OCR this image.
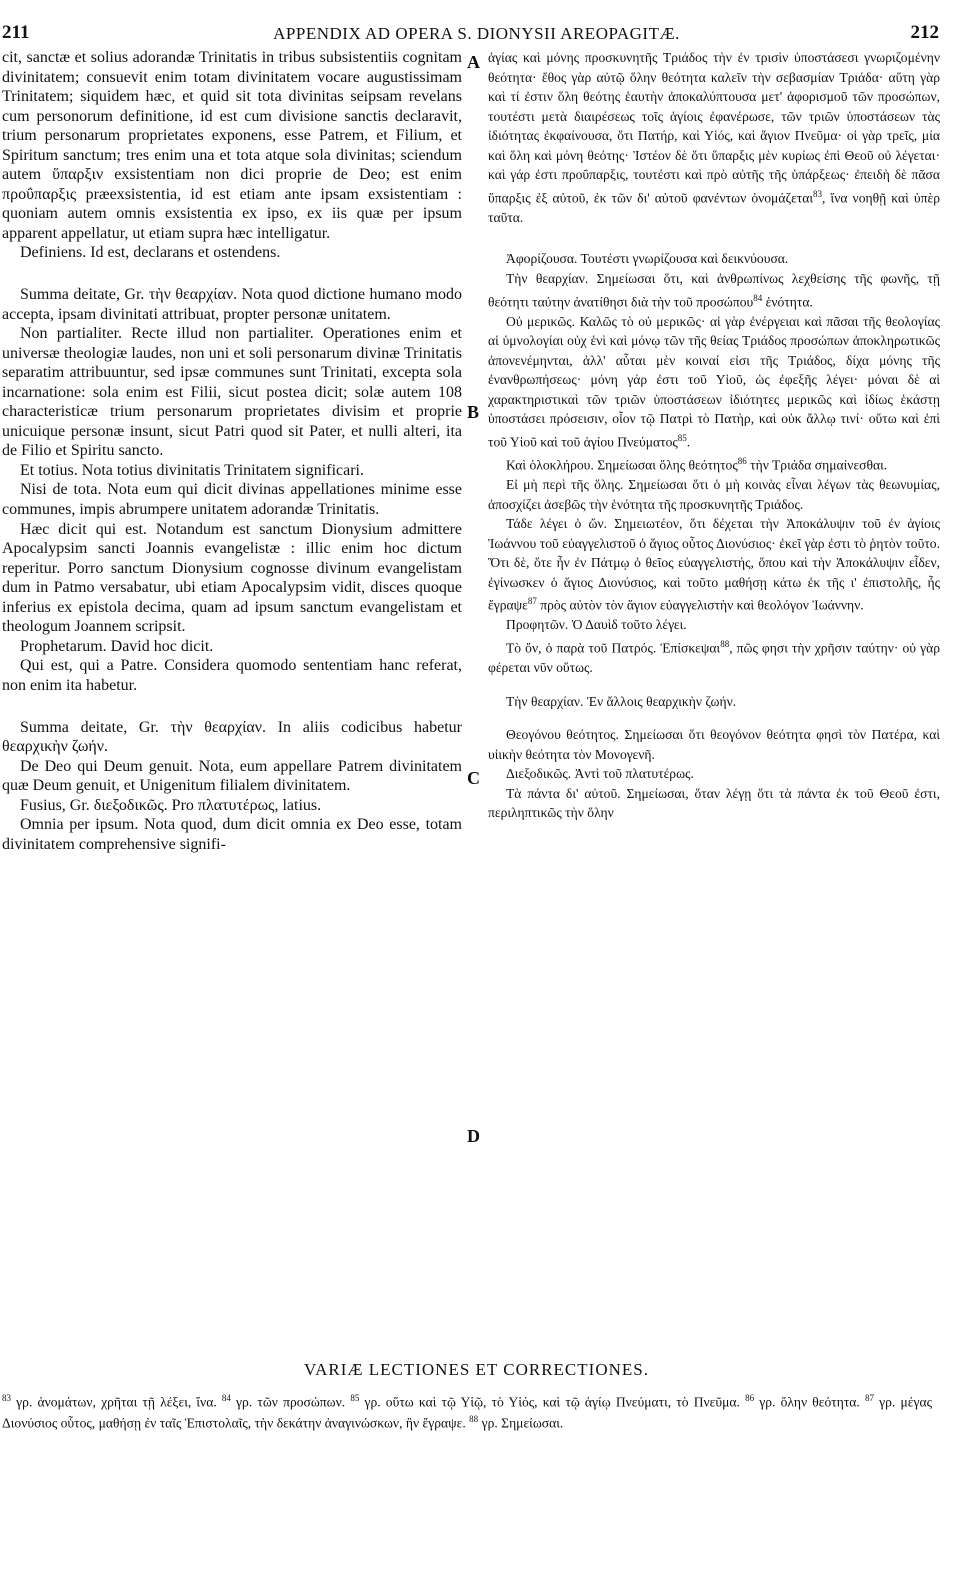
211	APPENDIX AD OPERA S. DIONYSII AREOPAGITÆ.	212
A
B
C
D

cit, sanctæ et solius adorandæ Trinitatis in tribus subsistentiis cognitam divinitatem; consuevit enim totam divinitatem vocare augustissimam Trinitatem; siquidem hæc, et quid sit tota divinitas seipsam revelans cum personorum definitione, id est cum divisione sanctis declaravit, trium personarum proprietates exponens, esse Patrem, et Filium, et Spiritum sanctum; tres enim una et tota atque sola divinitas; sciendum autem ὕπαρξιν exsistentiam non dici proprie de Deo; est enim προΰπαρξις præexsistentia, id est etiam ante ipsam exsistentiam : quoniam autem omnis exsistentia ex ipso, ex iis quæ per ipsum apparent appellatur, ut etiam supra hæc intelligatur.

Definiens. Id est, declarans et ostendens.

Summa deitate, Gr. τὴν θεαρχίαν. Nota quod dictione humano modo accepta, ipsam divinitati attribuat, propter personæ unitatem.

Non partialiter. Recte illud non partialiter. Operationes enim et universæ theologiæ laudes, non uni et soli personarum divinæ Trinitatis separatim attribuuntur, sed ipsæ communes sunt Trinitati, excepta sola incarnatione: sola enim est Filii, sicut postea dicit; solæ autem 108 characteristicæ trium personarum proprietates divisim et proprie unicuique personæ insunt, sicut Patri quod sit Pater, et nulli alteri, ita de Filio et Spiritu sancto.

Et totius. Nota totius divinitatis Trinitatem significari.

Nisi de tota. Nota eum qui dicit divinas appellationes minime esse communes, impis abrumpere unitatem adorandæ Trinitatis.

Hæc dicit qui est. Notandum est sanctum Dionysium admittere Apocalypsim sancti Joannis evangelistæ : illic enim hoc dictum reperitur. Porro sanctum Dionysium cognosse divinum evangelistam dum in Patmo versabatur, ubi etiam Apocalypsim vidit, disces quoque inferius ex epistola decima, quam ad ipsum sanctum evangelistam et theologum Joannem scripsit.

Prophetarum. David hoc dicit.

Qui est, qui a Patre. Considera quomodo sententiam hanc referat, non enim ita habetur.

Summa deitate, Gr. τὴν θεαρχίαν. In aliis codicibus habetur θεαρχικὴν ζωήν.

De Deo qui Deum genuit. Nota, eum appellare Patrem divinitatem quæ Deum genuit, et Unigenitum filialem divinitatem.

Fusius, Gr. διεξοδικῶς. Pro πλατυτέρως, latius.

Omnia per ipsum. Nota quod, dum dicit omnia ex Deo esse, totam divinitatem comprehensive signifi-

ἁγίας καὶ μόνης προσκυνητῆς Τριάδος τὴν ἐν τρισὶν ὑποστάσεσι γνωριζομένην θεότητα· ἔθος γὰρ αὐτῷ ὅλην θεότητα καλεῖν τὴν σεβασμίαν Τριάδα· αὕτη γὰρ καὶ τί ἐστιν ὅλη θεότης ἑαυτὴν ἀποκαλύπτουσα μετ' ἀφορισμοῦ τῶν προσώπων, τουτέστι μετὰ διαιρέσεως τοῖς ἁγίοις ἐφανέρωσε, τῶν τριῶν ὑποστάσεων τὰς ἰδιότητας ἐκφαίνουσα, ὅτι Πατήρ, καὶ Υἱός, καὶ ἅγιον Πνεῦμα· οἱ γὰρ τρεῖς, μία καὶ ὅλη καὶ μόνη θεότης· Ἰστέον δὲ ὅτι ὕπαρξις μὲν κυρίως ἐπὶ Θεοῦ οὐ λέγεται· καὶ γάρ ἐστι προΰπαρξις, τουτέστι καὶ πρὸ αὐτῆς τῆς ὑπάρξεως· ἐπειδὴ δὲ πᾶσα ὕπαρξις ἐξ αὐτοῦ, ἐκ τῶν δι' αὐτοῦ φανέντων ὀνομάζεται$^{83}$, ἵνα νοηθῇ καὶ ὑπὲρ ταῦτα.

Ἀφορίζουσα. Τουτέστι γνωρίζουσα καὶ δεικνύουσα.

Τὴν θεαρχίαν. Σημείωσαι ὅτι, καὶ ἀνθρωπίνως λεχθείσης τῆς φωνῆς, τῇ θεότητι ταύτην ἀνατίθησι διὰ τὴν τοῦ προσώπου$^{84}$ ἑνότητα.

Οὐ μερικῶς. Καλῶς τὸ οὐ μερικῶς· αἱ γὰρ ἐνέργειαι καὶ πᾶσαι τῆς θεολογίας αἱ ὑμνολογίαι οὐχ ἑνὶ καὶ μόνῳ τῶν τῆς θείας Τριάδος προσώπων ἀποκληρωτικῶς ἀπονενέμηνται, ἀλλ' αὗται μὲν κοιναί εἰσι τῆς Τριάδος, δίχα μόνης τῆς ἐνανθρωπήσεως· μόνη γάρ ἐστι τοῦ Υἱοῦ, ὡς ἐφεξῆς λέγει· μόναι δὲ αἱ χαρακτηριστικαὶ τῶν τριῶν ὑποστάσεων ἰδιότητες μερικῶς καὶ ἰδίως ἑκάστῃ ὑποστάσει πρόσεισιν, οἷον τῷ Πατρὶ τὸ Πατὴρ, καὶ οὐκ ἄλλῳ τινί· οὕτω καὶ ἐπὶ τοῦ Υἱοῦ καὶ τοῦ ἁγίου Πνεύματος$^{85}$.

Καὶ ὁλοκλήρου. Σημείωσαι ὅλης θεότητος$^{86}$ τὴν Τριάδα σημαίνεσθαι.

Εἰ μὴ περὶ τῆς ὅλης. Σημείωσαι ὅτι ὁ μὴ κοινὰς εἶναι λέγων τὰς θεωνυμίας, ἀποσχίζει ἀσεβῶς τὴν ἑνότητα τῆς προσκυνητῆς Τριάδος.

Τάδε λέγει ὁ ὤν. Σημειωτέον, ὅτι δέχεται τὴν Ἀποκάλυψιν τοῦ ἐν ἁγίοις Ἰωάννου τοῦ εὐαγγελιστοῦ ὁ ἅγιος οὗτος Διονύσιος· ἐκεῖ γὰρ ἐστι τὸ ῥητὸν τοῦτο. Ὅτι δὲ, ὅτε ἦν ἐν Πάτμῳ ὁ θεῖος εὐαγγελιστής, ὅπου καὶ τὴν Ἀποκάλυψιν εἶδεν, ἐγίνωσκεν ὁ ἅγιος Διονύσιος, καὶ τοῦτο μαθήσῃ κάτω ἐκ τῆς ι' ἐπιστολῆς, ἧς ἔγραψε$^{87}$ πρὸς αὐτὸν τὸν ἅγιον εὐαγγελιστὴν καὶ θεολόγον Ἰωάννην.

Προφητῶν. Ὁ Δαυὶδ τοῦτο λέγει.

Τὸ ὄν, ὁ παρὰ τοῦ Πατρός. Ἐπίσκεψαι$^{88}$, πῶς φησι τὴν χρῆσιν ταύτην· οὐ γὰρ φέρεται νῦν οὕτως.

Τὴν θεαρχίαν. Ἐν ἄλλοις θεαρχικὴν ζωήν.

Θεογόνου θεότητος. Σημείωσαι ὅτι θεογόνον θεότητα φησὶ τὸν Πατέρα, καὶ υἱικὴν θεότητα τὸν Μονογενῆ.

Διεξοδικῶς. Ἀντὶ τοῦ πλατυτέρως.

Τὰ πάντα δι' αὐτοῦ. Σημείωσαι, ὅταν λέγῃ ὅτι τὰ πάντα ἐκ τοῦ Θεοῦ ἐστι, περιληπτικῶς τὴν ὅλην

VARIÆ LECTIONES ET CORRECTIONES.
$^{83}$ γρ. ἀνομάτων, χρῆται τῇ λέξει, ἵνα. $^{84}$ γρ. τῶν προσώπων. $^{85}$ γρ. οὕτω καὶ τῷ Υἱῷ, τὸ Υἱός, καὶ τῷ ἁγίῳ Πνεύματι, τὸ Πνεῦμα. $^{86}$ γρ. ὅλην θεότητα. $^{87}$ γρ. μέγας Διονύσιος οὗτος, μαθήσῃ ἐν ταῖς Ἐπιστολαῖς, τὴν δεκάτην ἀναγινώσκων, ἣν ἔγραψε. $^{88}$ γρ. Σημείωσαι.
